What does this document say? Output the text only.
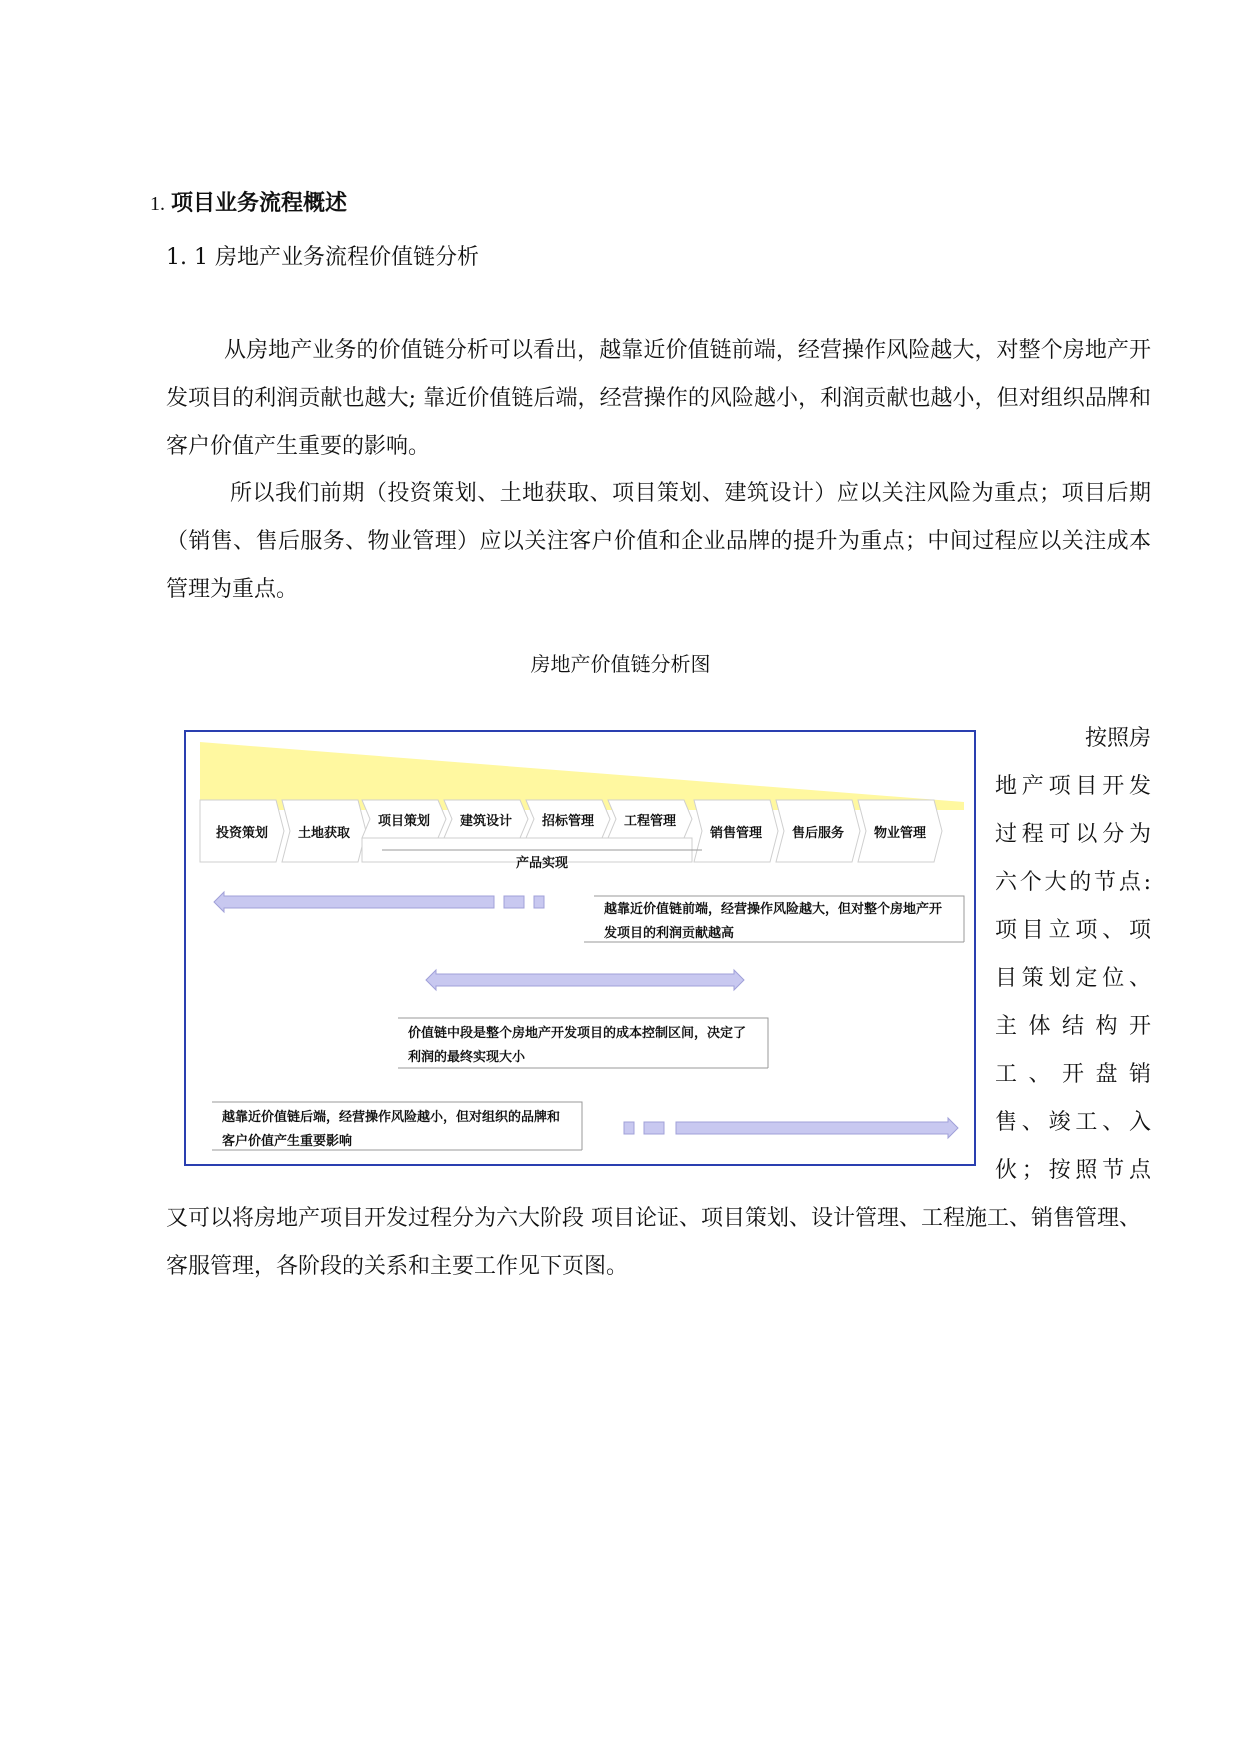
1. 项目业务流程概述
1. 1 房地产业务流程价值链分析
从房地产业务的价值链分析可以看出，越靠近价值链前端，经营操作风险越大，对整个房地产开发项目的利润贡献也越大; 靠近价值链后端，经营操作的风险越小，利润贡献也越小，但对组织品牌和客户价值产生重要的影响。
所以我们前期（投资策划、土地获取、项目策划、建筑设计）应以关注风险为重点；项目后期（销售、售后服务、物业管理）应以关注客户价值和企业品牌的提升为重点；中间过程应以关注成本管理为重点。
房地产价值链分析图
投资策划 土地获取
项目策划 建筑设计 招标管理 工程管理
销售管理 售后服务 物业管理
产品实现
越靠近价值链前端，经营操作风险越大，但对整个房地产开发项目的利润贡献越高
价值链中段是整个房地产开发项目的成本控制区间，决定了利润的最终实现大小
越靠近价值链后端，经营操作风险越小，但对组织的品牌和客户价值产生重要影响
按照房
地产项目开发
过程可以分为
六个大的节点:
项目立项、项
目策划定位、
主体结构开
工、开盘销
售、竣工、入
伙；按照节点
又可以将房地产项目开发过程分为六大阶段 项目论证、项目策划、设计管理、工程施工、销售管理、客服管理，各阶段的关系和主要工作见下页图。
